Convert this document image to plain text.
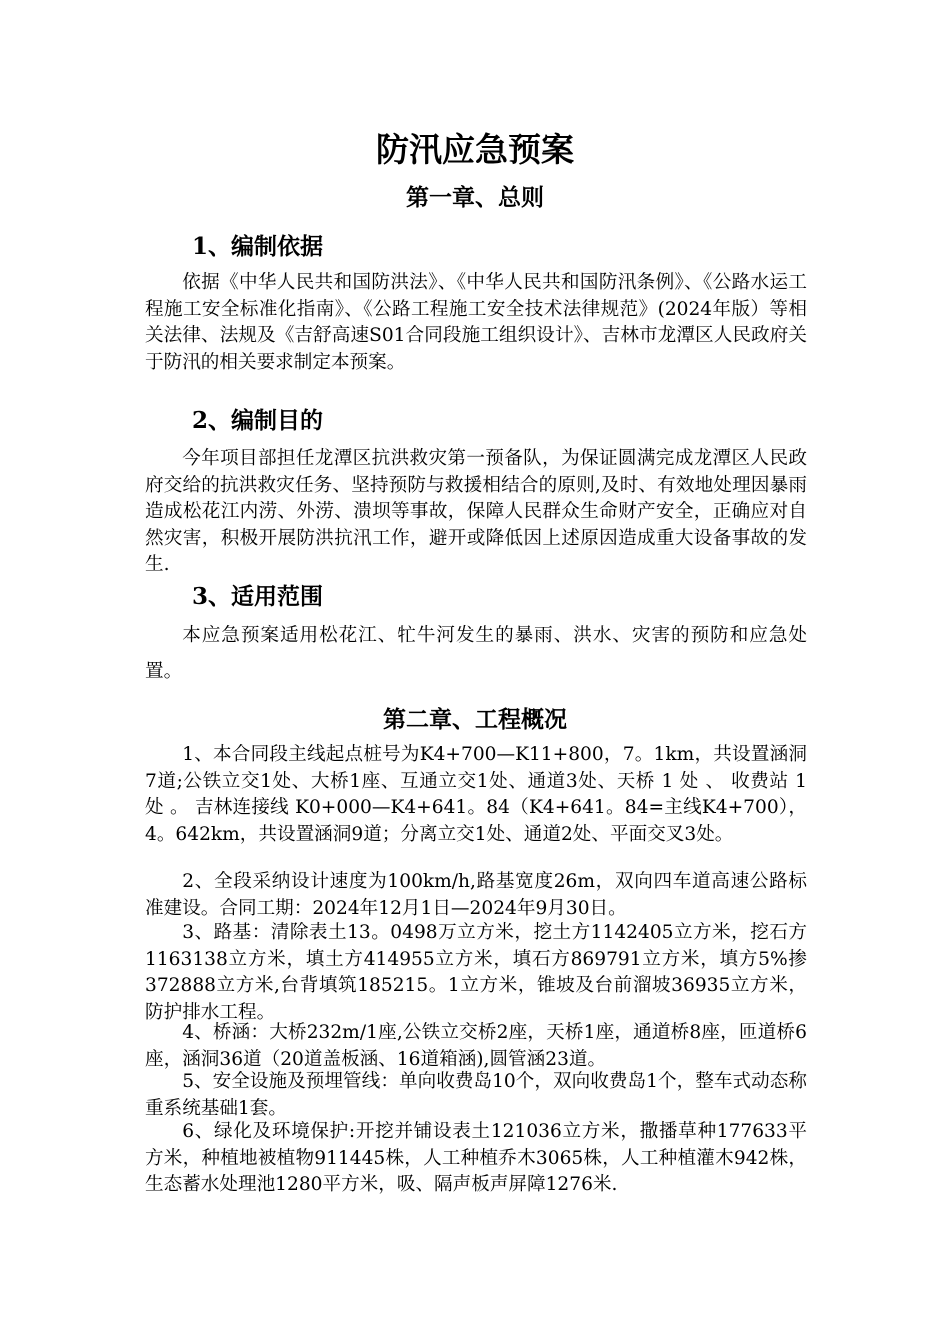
防汛应急预案
第一章、总则
1、编制依据

依据《中华人民共和国防洪法》、《中华人民共和国防汛条例》、《公路水运工程施工安全标准化指南》、《公路工程施工安全技术法律规范》(2024年版）等相关法律、法规及《吉舒高速S01合同段施工组织设计》、吉林市龙潭区人民政府关于防汛的相关要求制定本预案。

2、编制目的

今年项目部担任龙潭区抗洪救灾第一预备队，为保证圆满完成龙潭区人民政府交给的抗洪救灾任务、坚持预防与救援相结合的原则,及时、有效地处理因暴雨造成松花江内涝、外涝、溃坝等事故，保障人民群众生命财产安全，正确应对自然灾害，积极开展防洪抗汛工作，避开或降低因上述原因造成重大设备事故的发生.

3、适用范围

本应急预案适用松花江、牤牛河发生的暴雨、洪水、灾害的预防和应急处置。

第二章、工程概况

1、本合同段主线起点桩号为K4+700—K11+800，7。1km，共设置涵洞7道;公铁立交1处、大桥1座、互通立交1处、通道3处、天桥 1 处 、 收费站 1 处 。 吉林连接线 K0+000—K4+641。84（K4+641。84=主线K4+700），4。642km，共设置涵洞9道；分离立交1处、通道2处、平面交叉3处。

2、全段采纳设计速度为100km/h,路基宽度26m，双向四车道高速公路标准建设。合同工期：2024年12月1日—2024年9月30日。

3、路基：清除表土13。0498万立方米，挖土方1142405立方米，挖石方1163138立方米，填土方414955立方米，填石方869791立方米，填方5%掺372888立方米,台背填筑185215。1立方米，锥坡及台前溜坡36935立方米，防护排水工程。

4、桥涵：大桥232m/1座,公铁立交桥2座，天桥1座，通道桥8座，匝道桥6座，涵洞36道（20道盖板涵、16道箱涵),圆管涵23道。

5、安全设施及预埋管线：单向收费岛10个，双向收费岛1个，整车式动态称重系统基础1套。

6、绿化及环境保护:开挖并铺设表土121036立方米，撒播草种177633平方米，种植地被植物911445株，人工种植乔木3065株，人工种植灌木942株，生态蓄水处理池1280平方米，吸、隔声板声屏障1276米.
